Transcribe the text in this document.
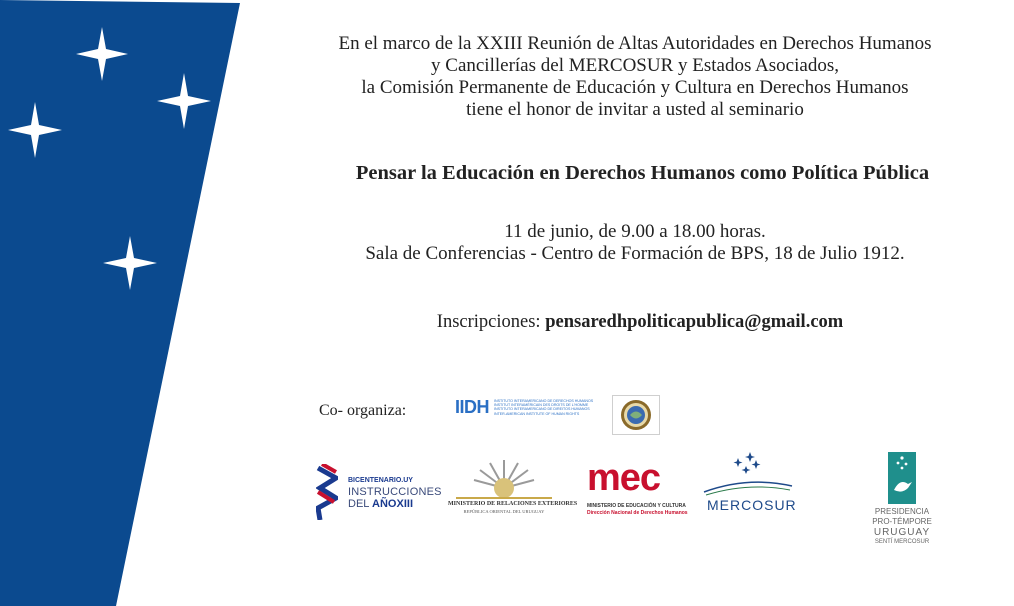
En el marco de la XXIII Reunión de Altas Autoridades en Derechos Humanos
y Cancillerías del MERCOSUR y Estados Asociados,
la Comisión Permanente de Educación y Cultura en Derechos Humanos
tiene el honor de invitar a usted al seminario
Pensar la Educación en Derechos Humanos como Política Pública
11 de junio, de 9.00 a 18.00 horas.
Sala de Conferencias - Centro de Formación de BPS, 18 de Julio 1912.
Inscripciones: pensaredhpoliticapublica@gmail.com
Co- organiza:	IIDH INSTITUTO INTERAMERICANO DE DERECHOS HUMANOS
INSTITUT INTERAMÉRICAIN DES DROITS DE L'HOMME
INSTITUTO INTERAMERICANO DE DIREITOS HUMANOS
INTER-AMERICAN INSTITUTE OF HUMAN RIGHTS
BICENTENARIO.UY
INSTRUCCIONES
DEL AÑOXIII	MINISTERIO DE RELACIONES EXTERIORES
REPÚBLICA ORIENTAL DEL URUGUAY
mec
MINISTERIO DE EDUCACIÓN Y CULTURA
Dirección Nacional de Derechos Humanos MERCOSUR	PRESIDENCIA
PRO-TÉMPORE
URUGUAY
SENTÍ MERCOSUR
